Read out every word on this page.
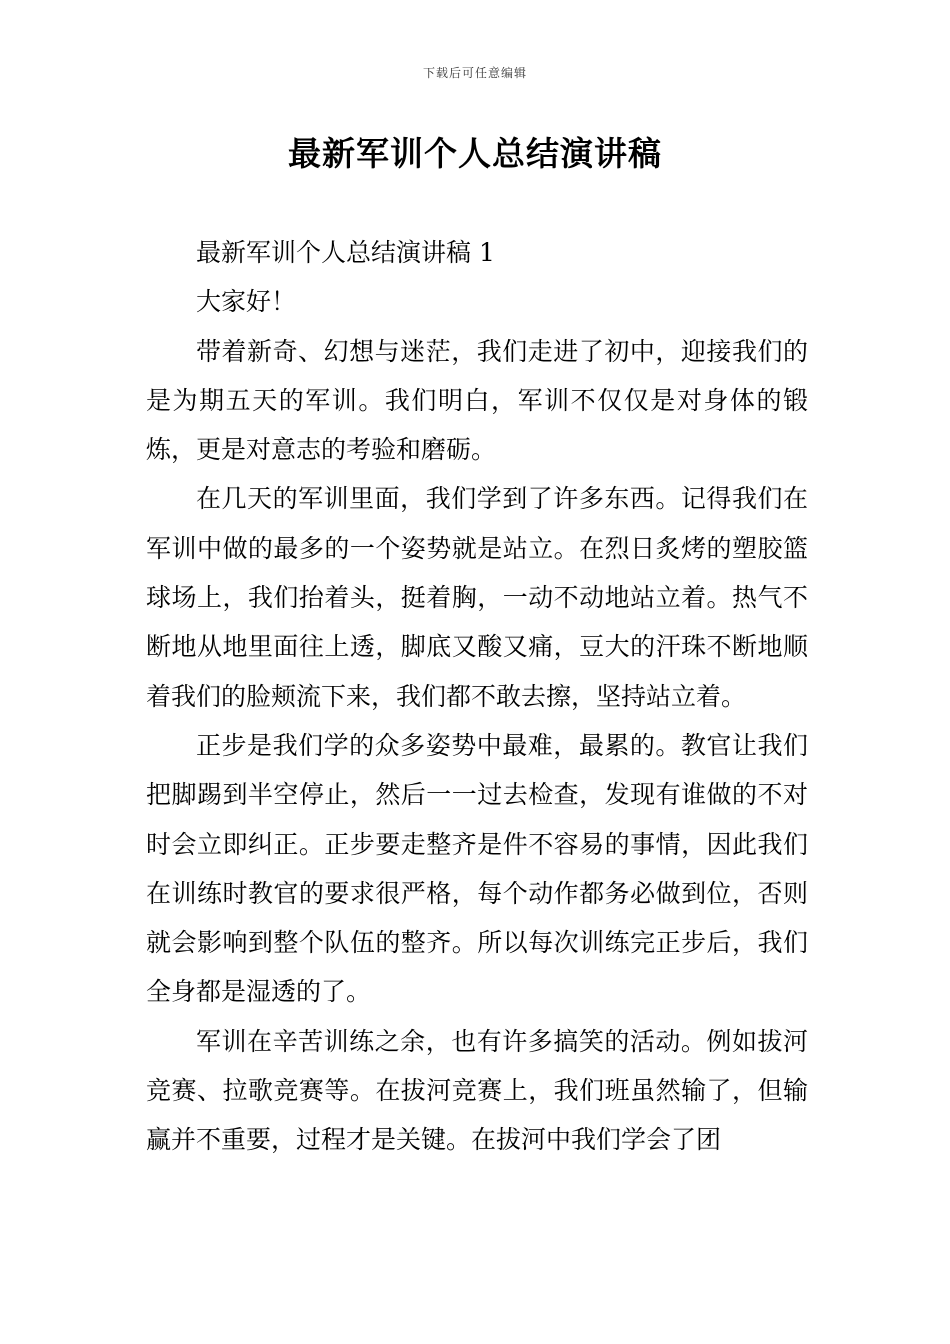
下载后可任意编辑
最新军训个人总结演讲稿

最新军训个人总结演讲稿 1

大家好！

带着新奇、幻想与迷茫，我们走进了初中，迎接我们的是为期五天的军训。我们明白，军训不仅仅是对身体的锻炼，更是对意志的考验和磨砺。

在几天的军训里面，我们学到了许多东西。记得我们在军训中做的最多的一个姿势就是站立。在烈日炙烤的塑胶篮球场上，我们抬着头，挺着胸，一动不动地站立着。热气不断地从地里面往上透，脚底又酸又痛，豆大的汗珠不断地顺着我们的脸颊流下来，我们都不敢去擦，坚持站立着。

正步是我们学的众多姿势中最难，最累的。教官让我们把脚踢到半空停止，然后一一过去检查，发现有谁做的不对时会立即纠正。正步要走整齐是件不容易的事情，因此我们在训练时教官的要求很严格，每个动作都务必做到位，否则就会影响到整个队伍的整齐。所以每次训练完正步后，我们全身都是湿透的了。

军训在辛苦训练之余，也有许多搞笑的活动。例如拔河竞赛、拉歌竞赛等。在拔河竞赛上，我们班虽然输了，但输赢并不重要，过程才是关键。在拔河中我们学会了团
